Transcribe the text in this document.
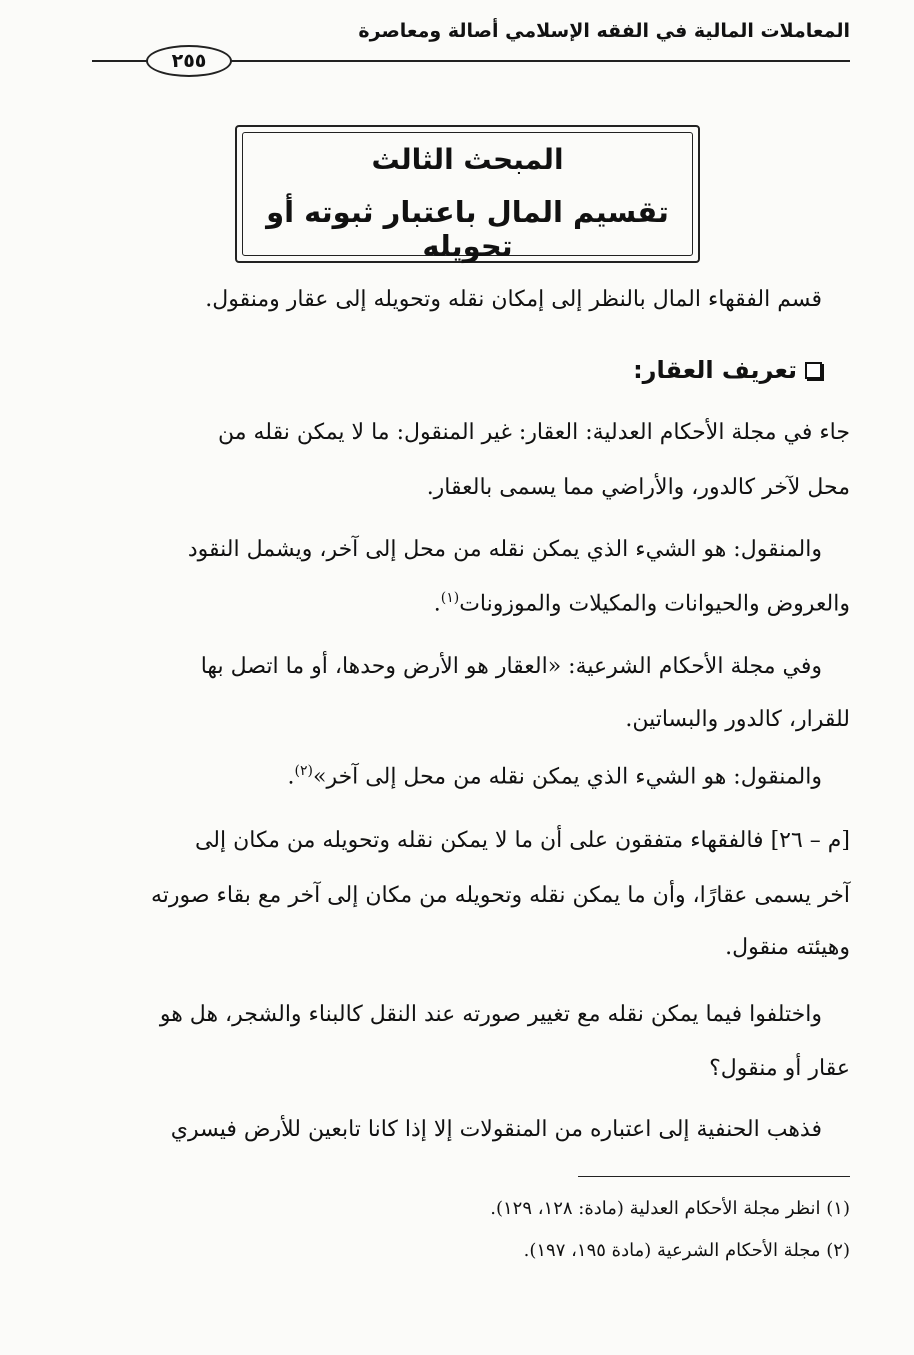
المعاملات المالية في الفقه الإسلامي أصالة ومعاصرة
٢٥٥
المبحث الثالث
تقسيم المال باعتبار ثبوته أو تحويله
قسم الفقهاء المال بالنظر إلى إمكان نقله وتحويله إلى عقار ومنقول.
تعريف العقار:
جاء في مجلة الأحكام العدلية: العقار: غير المنقول: ما لا يمكن نقله من
محل لآخر كالدور، والأراضي مما يسمى بالعقار.
والمنقول: هو الشيء الذي يمكن نقله من محل إلى آخر، ويشمل النقود
والعروض والحيوانات والمكيلات والموزونات$^{(١)}$.
وفي مجلة الأحكام الشرعية: «العقار هو الأرض وحدها، أو ما اتصل بها
للقرار، كالدور والبساتين.
والمنقول: هو الشيء الذي يمكن نقله من محل إلى آخر»$^{(٢)}$.
[م – ٢٦] فالفقهاء متفقون على أن ما لا يمكن نقله وتحويله من مكان إلى
آخر يسمى عقارًا، وأن ما يمكن نقله وتحويله من مكان إلى آخر مع بقاء صورته
وهيئته منقول.
واختلفوا فيما يمكن نقله مع تغيير صورته عند النقل كالبناء والشجر، هل هو
عقار أو منقول؟
فذهب الحنفية إلى اعتباره من المنقولات إلا إذا كانا تابعين للأرض فيسري
(١) انظر مجلة الأحكام العدلية (مادة: ١٢٨، ١٢٩).
(٢) مجلة الأحكام الشرعية (مادة ١٩٥، ١٩٧).
